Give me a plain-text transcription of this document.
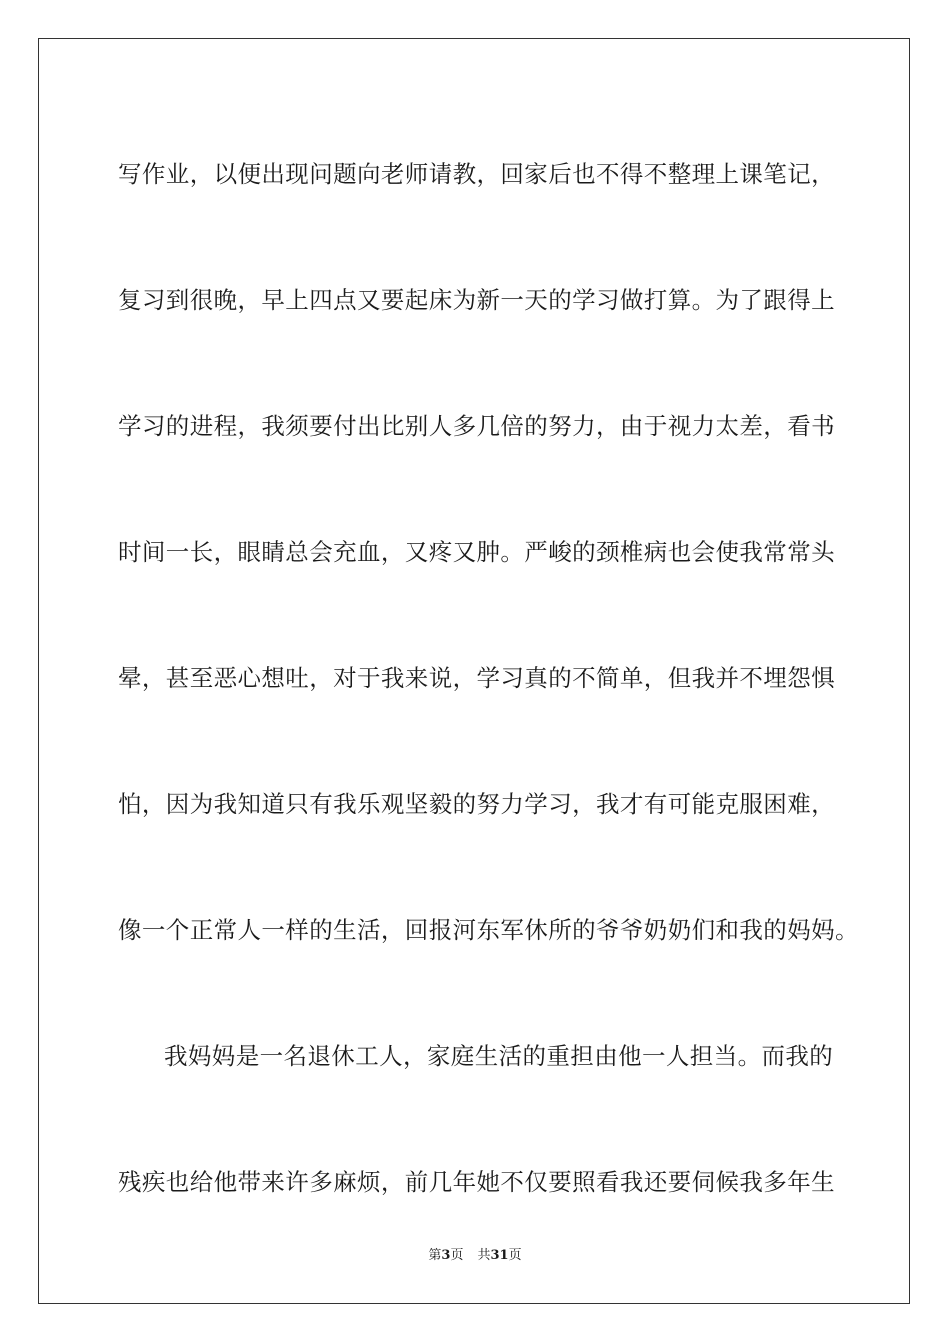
写作业，以便出现问题向老师请教，回家后也不得不整理上课笔记，

复习到很晚，早上四点又要起床为新一天的学习做打算。为了跟得上

学习的进程，我须要付出比别人多几倍的努力，由于视力太差，看书

时间一长，眼睛总会充血，又疼又肿。严峻的颈椎病也会使我常常头

晕，甚至恶心想吐，对于我来说，学习真的不简单，但我并不埋怨惧

怕，因为我知道只有我乐观坚毅的努力学习，我才有可能克服困难，

像一个正常人一样的生活，回报河东军休所的爷爷奶奶们和我的妈妈。

我妈妈是一名退休工人，家庭生活的重担由他一人担当。而我的

残疾也给他带来许多麻烦，前几年她不仅要照看我还要伺候我多年生

第3页 共31页
